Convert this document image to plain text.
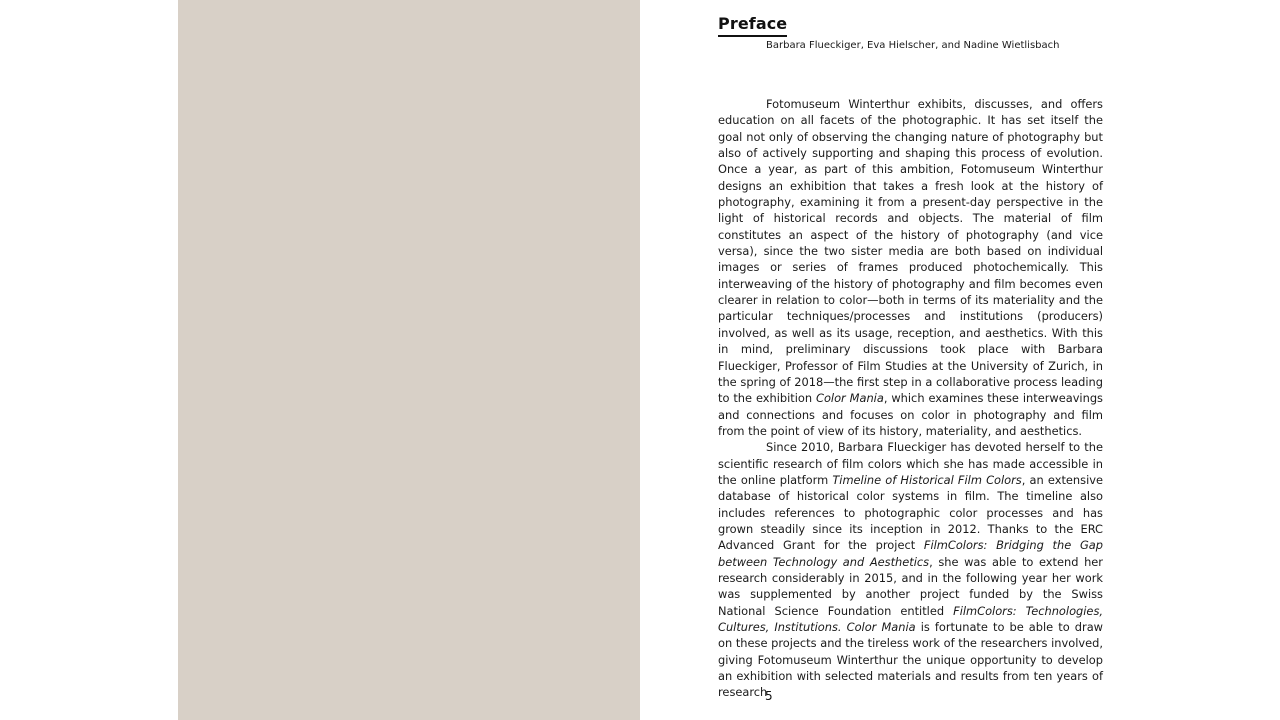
Preface
Barbara Flueckiger, Eva Hielscher, and Nadine Wietlisbach

Fotomuseum Winterthur exhibits, discusses, and offers education on all facets of the photographic. It has set itself the goal not only of observing the changing nature of photography but also of actively supporting and shaping this process of evolution. Once a year, as part of this ambition, Fotomuseum Winterthur designs an exhibition that takes a fresh look at the history of photography, examining it from a present-day perspective in the light of historical records and objects. The material of film constitutes an aspect of the history of photography (and vice versa), since the two sister media are both based on individual images or series of frames produced photochemically. This interweaving of the history of photography and film becomes even clearer in relation to color—both in terms of its materiality and the particular techniques/processes and institutions (producers) involved, as well as its usage, reception, and aesthetics. With this in mind, preliminary discussions took place with Barbara Flueckiger, Professor of Film Studies at the University of Zurich, in the spring of 2018—the first step in a collaborative process leading to the exhibition Color Mania, which examines these interweavings and connections and focuses on color in photography and film from the point of view of its history, materiality, and aesthetics.

Since 2010, Barbara Flueckiger has devoted herself to the scientific research of film colors which she has made accessible in the online platform Timeline of Historical Film Colors, an extensive database of historical color systems in film. The timeline also includes references to photographic color processes and has grown steadily since its inception in 2012. Thanks to the ERC Advanced Grant for the project FilmColors: Bridging the Gap between Technology and Aesthetics, she was able to extend her research considerably in 2015, and in the following year her work was supplemented by another project funded by the Swiss National Science Foundation entitled FilmColors: Technologies, Cultures, Institutions. Color Mania is fortunate to be able to draw on these projects and the tireless work of the researchers involved, giving Fotomuseum Winterthur the unique opportunity to develop an exhibition with selected materials and results from ten years of research

5
